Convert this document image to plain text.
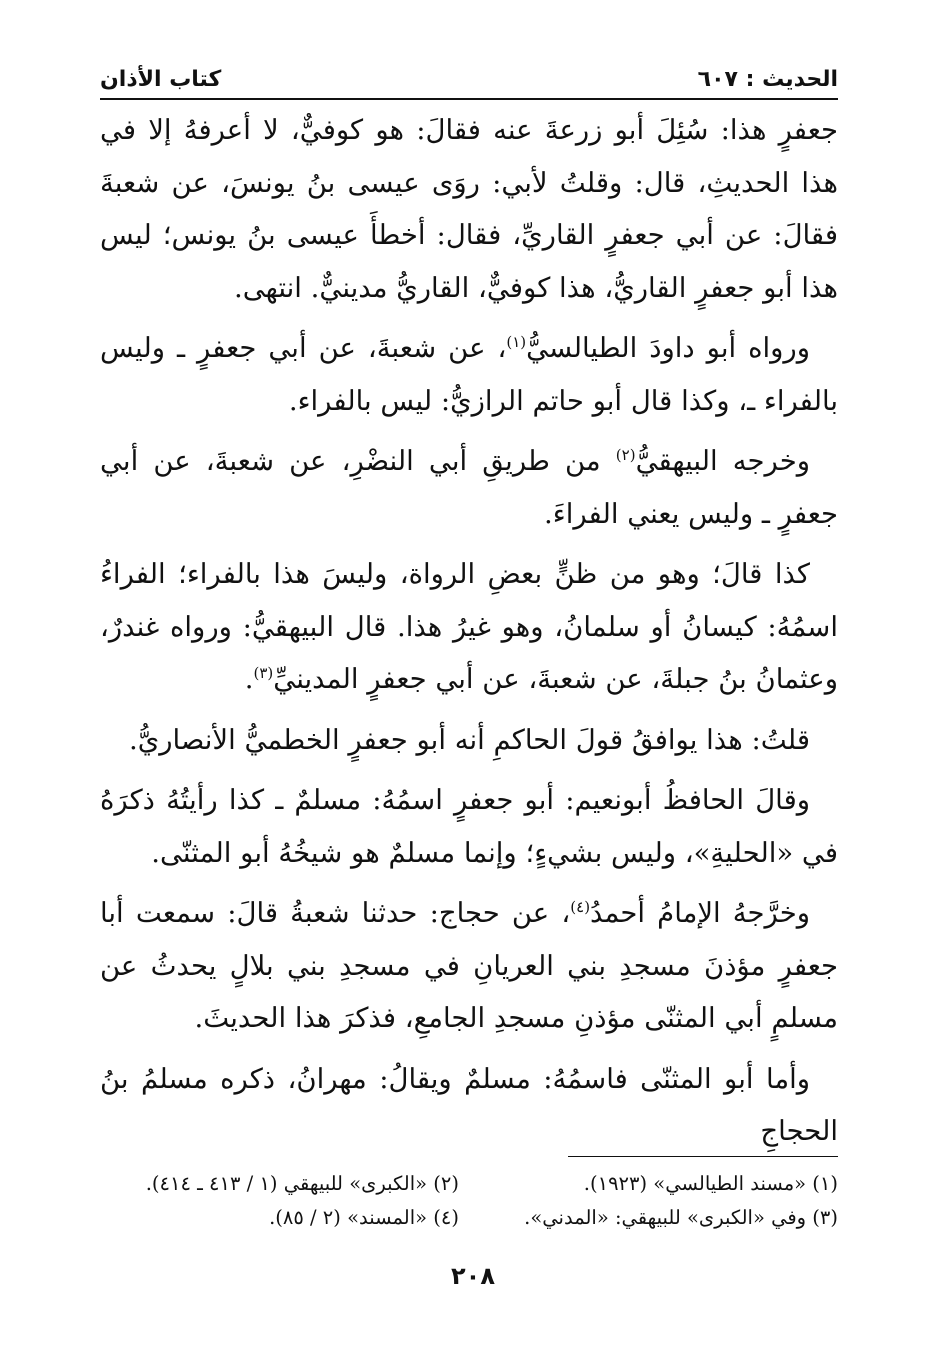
الحديث : ٦٠٧
كتاب الأذان

جعفرٍ هذا: سُئِلَ أبو زرعةَ عنه فقالَ: هو كوفيٌّ، لا أعرفهُ إلا في هذا الحديثِ، قال: وقلتُ لأبي: روَى عيسى بنُ يونسَ، عن شعبةَ فقالَ: عن أبي جعفرٍ القاريِّ، فقال: أخطأَ عيسى بنُ يونس؛ ليس هذا أبو جعفرٍ القاريُّ، هذا كوفيٌّ، القاريُّ مدينيٌّ. انتهى.

ورواه أبو داودَ الطيالسيُّ$^{(١)}$، عن شعبةَ، عن أبي جعفرٍ ـ وليس بالفراء ـ، وكذا قال أبو حاتم الرازيُّ: ليس بالفراء.

وخرجه البيهقيُّ$^{(٢)}$ من طريقِ أبي النضْرِ، عن شعبةَ، عن أبي جعفرٍ ـ وليس يعني الفراءَ.

كذا قالَ؛ وهو من ظنٍّ بعضِ الرواة، وليسَ هذا بالفراء؛ الفراءُ اسمُهُ: كيسانُ أو سلمانُ، وهو غيرُ هذا. قال البيهقيُّ: ورواه غندرٌ، وعثمانُ بنُ جبلةَ، عن شعبةَ، عن أبي جعفرٍ المدينيِّ$^{(٣)}$.

قلتُ: هذا يوافقُ قولَ الحاكمِ أنه أبو جعفرٍ الخطميُّ الأنصاريُّ.

وقالَ الحافظُ أبونعيم: أبو جعفرٍ اسمُهُ: مسلمٌ ـ كذا رأيتُهُ ذكرَهُ في «الحليةِ»، وليس بشيءٍ؛ وإنما مسلمٌ هو شيخُهُ أبو المثنّى.

وخرَّجهُ الإمامُ أحمدُ$^{(٤)}$، عن حجاج: حدثنا شعبةُ قالَ: سمعت أبا جعفرٍ مؤذنَ مسجدِ بني العريانِ في مسجدِ بني بلالٍ يحدثُ عن مسلمٍ أبي المثنّى مؤذنِ مسجدِ الجامعِ، فذكرَ هذا الحديثَ.

وأما أبو المثنّى فاسمُهُ: مسلمٌ ويقالُ: مهرانُ، ذكره مسلمُ بنُ الحجاجِ

(١) «مسند الطيالسي» (١٩٢٣).
(٢) «الكبرى» للبيهقي (١ / ٤١٣ ـ ٤١٤).
(٣) وفي «الكبرى» للبيهقي: «المدني».
(٤) «المسند» (٢ / ٨٥).
٢٠٨
